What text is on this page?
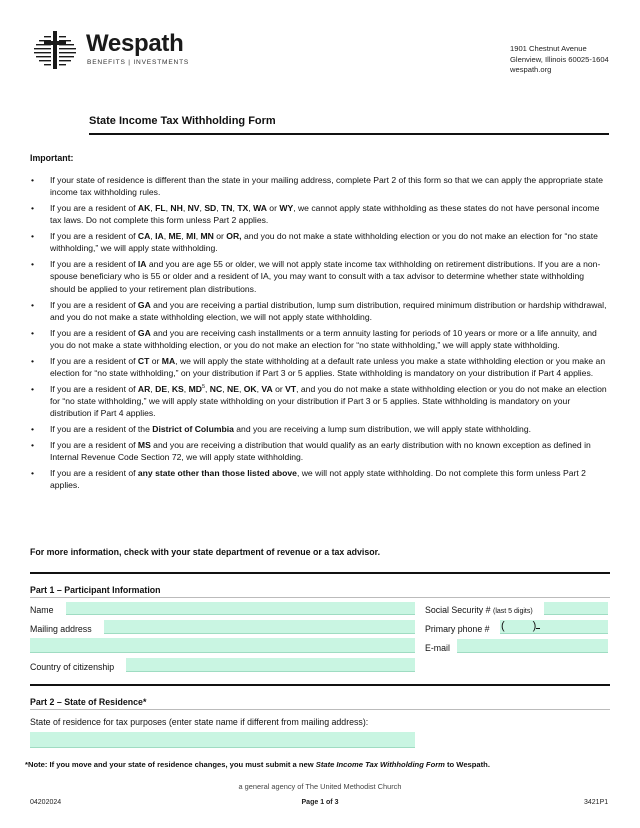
Wespath
BENEFITS | INVESTMENTS
1901 Chestnut Avenue
Glenview, Illinois 60025-1604
wespath.org
State Income Tax Withholding Form
Important:
• If your state of residence is different than the state in your mailing address, complete Part 2 of this form so that we can apply the appropriate state income tax withholding rules.
• If you are a resident of AK, FL, NH, NV, SD, TN, TX, WA or WY, we cannot apply state withholding as these states do not have personal income tax laws. Do not complete this form unless Part 2 applies.
• If you are a resident of CA, IA, ME, MI, MN or OR, and you do not make a state withholding election or you do not make an election for “no state withholding,” we will apply state withholding.
• If you are a resident of IA and you are age 55 or older, we will not apply state income tax withholding on retirement distributions. If you are a non-spouse beneficiary who is 55 or older and a resident of IA, you may want to consult with a tax advisor to determine whether state withholding should be applied to your retirement plan distributions.
• If you are a resident of GA and you are receiving a partial distribution, lump sum distribution, required minimum distribution or hardship withdrawal, and you do not make a state withholding election, we will not apply state withholding.
• If you are a resident of GA and you are receiving cash installments or a term annuity lasting for periods of 10 years or more or a life annuity, and you do not make a state withholding election, or you do not make an election for “no state withholding,” we will apply state withholding.
• If you are a resident of CT or MA, we will apply the state withholding at a default rate unless you make a state withholding election or you make an election for “no state withholding,” on your distribution if Part 3 or 5 applies. State withholding is mandatory on your distribution if Part 4 applies.
• If you are a resident of AR, DE, KS, $MD^5$, NC, NE, OK, VA or VT, and you do not make a state withholding election or you do not make an election for “no state withholding,” we will apply state withholding on your distribution if Part 3 or 5 applies. State withholding is mandatory on your distribution if Part 4 applies.
• If you are a resident of the District of Columbia and you are receiving a lump sum distribution, we will apply state withholding.
• If you are a resident of MS and you are receiving a distribution that would qualify as an early distribution with no known exception as defined in Internal Revenue Code Section 72, we will apply state withholding.
• If you are a resident of any state other than those listed above, we will not apply state withholding. Do not complete this form unless Part 2 applies.
For more information, check with your state department of revenue or a tax advisor.
Part 1 – Participant Information
Name
Mailing address
Country of citizenship
Social Security # (last 5 digits)
Primary phone # (	)
E-mail
Part 2 – State of Residence*
State of residence for tax purposes (enter state name if different from mailing address):
*Note: If you move and your state of residence changes, you must submit a new State Income Tax Withholding Form to Wespath.
a general agency of The United Methodist Church
04202024	Page 1 of 3	3421P1
